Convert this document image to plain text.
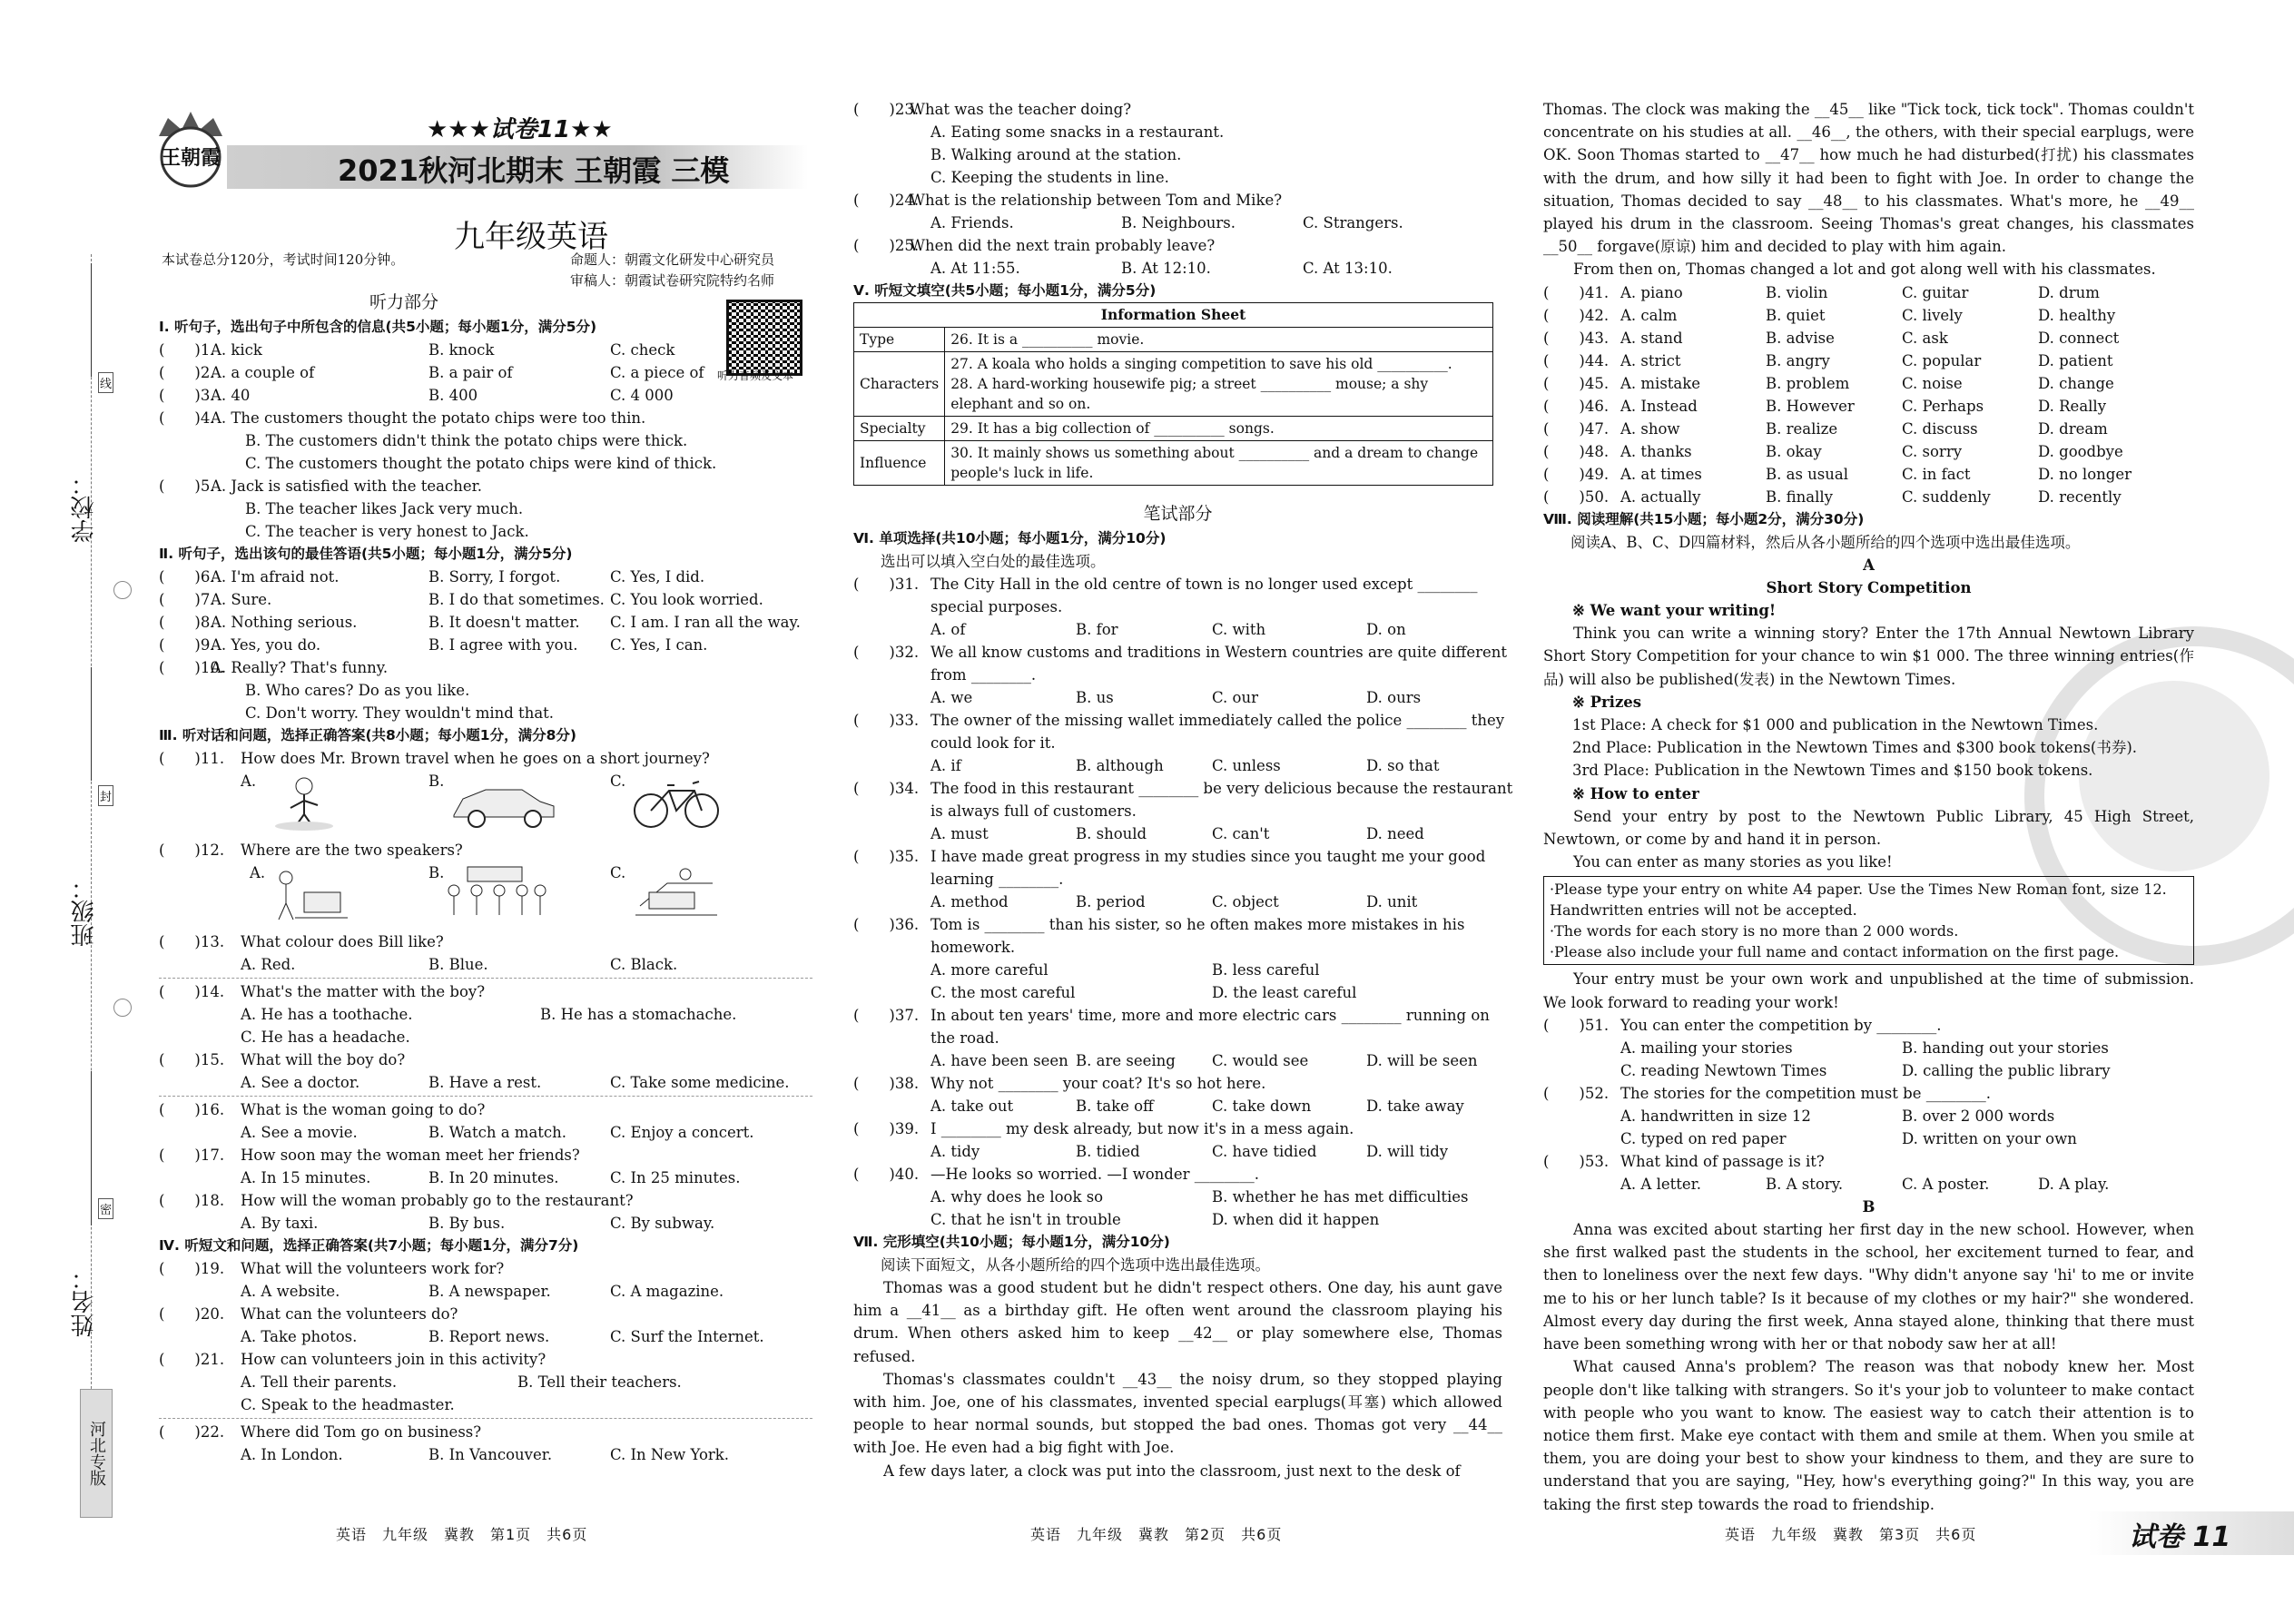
学校：
班级：
姓名：
线
封
密
河北专版
王朝霞
★★★试卷11★★
2021秋河北期末 王朝霞 三模
九年级英语
本试卷总分120分，考试时间120分钟。	命题人：朝霞文化研发中心研究员
审稿人：朝霞试卷研究院特约名师
听力音频及文本
听力部分
Ⅰ. 听句子，选出句子中所包含的信息(共5小题；每小题1分，满分5分)
(　　)1.
A. kick	B. knock	C. check
(　　)2.
A. a couple of	B. a pair of	C. a piece of
(　　)3.
A. 40	B. 400	C. 4 000
(　　)4.
A. The customers thought the potato chips were too thin.
B. The customers didn't think the potato chips were thick.
C. The customers thought the potato chips were kind of thick.
(　　)5.
A. Jack is satisfied with the teacher.
B. The teacher likes Jack very much.
C. The teacher is very honest to Jack.
Ⅱ. 听句子，选出该句的最佳答语(共5小题；每小题1分，满分5分)
(　　)6.
A. I'm afraid not.	B. Sorry, I forgot.	C. Yes, I did.
(　　)7.
A. Sure.	B. I do that sometimes. C. You look worried.
(　　)8.
A. Nothing serious.	B. It doesn't matter. C. I am. I ran all the way.
(　　)9.
A. Yes, you do.	B. I agree with you. C. Yes, I can.
(　　)10.
A. Really? That's funny.
B. Who cares? Do as you like.
C. Don't worry. They wouldn't mind that.
Ⅲ. 听对话和问题，选择正确答案(共8小题；每小题1分，满分8分)
(　　)11. How does Mr. Brown travel when he goes on a short journey?
A.	B.	C.
(　　)12. Where are the two speakers?
A.	B.	C.
(　　)13. What colour does Bill like?
A. Red.	B. Blue.	C. Black.
(　　)14. What's the matter with the boy?
A. He has a toothache.	B. He has a stomachache.
C. He has a headache.
(　　)15. What will the boy do?
A. See a doctor.	B. Have a rest.	C. Take some medicine.
(　　)16. What is the woman going to do?
A. See a movie.	B. Watch a match.	C. Enjoy a concert.
(　　)17. How soon may the woman meet her friends?
A. In 15 minutes.	B. In 20 minutes.	C. In 25 minutes.
(　　)18. How will the woman probably go to the restaurant?
A. By taxi.	B. By bus.	C. By subway.
Ⅳ. 听短文和问题，选择正确答案(共7小题；每小题1分，满分7分)
(　　)19. What will the volunteers work for?
A. A website.	B. A newspaper.	C. A magazine.
(　　)20. What can the volunteers do?
A. Take photos.	B. Report news.	C. Surf the Internet.
(　　)21. How can volunteers join in this activity?
A. Tell their parents.	B. Tell their teachers.
C. Speak to the headmaster.
(　　)22. Where did Tom go on business?
A. In London.	B. In Vancouver.	C. In New York.
(　　)23.
What was the teacher doing?
A. Eating some snacks in a restaurant.
B. Walking around at the station.
C. Keeping the students in line.
(　　)24.
What is the relationship between Tom and Mike?
A. Friends.	B. Neighbours.	C. Strangers.
(　　)25.
When did the next train probably leave?
A. At 11:55.	B. At 12:10.	C. At 13:10.
Ⅴ. 听短文填空(共5小题；每小题1分，满分5分)
Information Sheet	
Type	26. It is a __________ movie.
Characters	27. A koala who holds a singing competition to save his old __________.
28. A hard-working housewife pig; a street __________ mouse; a shy elephant and so on.

Specialty	29. It has a big collection of __________ songs.
Influence	30. It mainly shows us something about __________ and a dream to change people's luck in life.
笔试部分
Ⅵ. 单项选择(共10小题；每小题1分，满分10分)
选出可以填入空白处的最佳选项。
(　　)31. The City Hall in the old centre of town is no longer used except ________
special purposes.
A. of	B. for	C. with	D. on
(　　)32. We all know customs and traditions in Western countries are quite different
from ________.
A. we	B. us	C. our	D. ours
(　　)33. The owner of the missing wallet immediately called the police ________ they
could look for it.
A. if	B. although	C. unless	D. so that
(　　)34. The food in this restaurant ________ be very delicious because the restaurant
is always full of customers.
A. must	B. should	C. can't	D. need
(　　)35. I have made great progress in my studies since you taught me your good
learning ________.
A. method	B. period	C. object	D. unit
(　　)36. Tom is ________ than his sister, so he often makes more mistakes in his
homework.
A. more careful	B. less careful
C. the most careful	D. the least careful
(　　)37. In about ten years' time, more and more electric cars ________ running on
the road.
A. have been seen B. are seeing C. would see	D. will be seen
(　　)38. Why not ________ your coat? It's so hot here.
A. take out	B. take off	C. take down	D. take away
(　　)39. I ________ my desk already, but now it's in a mess again.
A. tidy	B. tidied	C. have tidied	D. will tidy
(　　)40. —He looks so worried. —I wonder ________.
A. why does he look so	B. whether he has met difficulties
C. that he isn't in trouble	D. when did it happen
Ⅶ. 完形填空(共10小题；每小题1分，满分10分)
阅读下面短文，从各小题所给的四个选项中选出最佳选项。
Thomas was a good student but he didn't respect others. One day, his aunt gave him a __41__ as a birthday gift. He often went around the classroom playing his drum. When others asked him to keep __42__ or play somewhere else, Thomas refused.
Thomas's classmates couldn't __43__ the noisy drum, so they stopped playing with him. Joe, one of his classmates, invented special earplugs(耳塞) which allowed people to hear normal sounds, but stopped the bad ones. Thomas got very __44__ with Joe. He even had a big fight with Joe.
A few days later, a clock was put into the classroom, just next to the desk of
Thomas. The clock was making the __45__ like "Tick tock, tick tock". Thomas couldn't concentrate on his studies at all. __46__, the others, with their special earplugs, were OK. Soon Thomas started to __47__ how much he had disturbed(打扰) his classmates with the drum, and how silly it had been to fight with Joe. In order to change the situation, Thomas decided to say __48__ to his classmates. What's more, he __49__ played his drum in the classroom. Seeing Thomas's great changes, his classmates __50__ forgave(原谅) him and decided to play with him again.
From then on, Thomas changed a lot and got along well with his classmates.
(　　)41. A. piano	B. violin	C. guitar	D. drum
(　　)42. A. calm	B. quiet	C. lively	D. healthy
(　　)43. A. stand	B. advise	C. ask	D. connect
(　　)44. A. strict	B. angry	C. popular	D. patient
(　　)45. A. mistake	B. problem	C. noise	D. change
(　　)46. A. Instead	B. However	C. Perhaps	D. Really
(　　)47. A. show	B. realize	C. discuss	D. dream
(　　)48. A. thanks	B. okay	C. sorry	D. goodbye
(　　)49. A. at times	B. as usual	C. in fact	D. no longer
(　　)50. A. actually	B. finally	C. suddenly	D. recently
Ⅷ. 阅读理解(共15小题；每小题2分，满分30分)
阅读A、B、C、D四篇材料，然后从各小题所给的四个选项中选出最佳选项。
A
Short Story Competition
※ We want your writing!
Think you can write a winning story? Enter the 17th Annual Newtown Library Short Story Competition for your chance to win $1 000. The three winning entries(作品) will also be published(发表) in the Newtown Times.
※ Prizes
1st Place: A check for $1 000 and publication in the Newtown Times.
2nd Place: Publication in the Newtown Times and $300 book tokens(书券).
3rd Place: Publication in the Newtown Times and $150 book tokens.
※ How to enter
Send your entry by post to the Newtown Public Library, 45 High Street, Newtown, or come by and hand it in person.
You can enter as many stories as you like!
·Please type your entry on white A4 paper. Use the Times New Roman font, size 12. Handwritten entries will not be accepted.
·The words for each story is no more than 2 000 words.
·Please also include your full name and contact information on the first page.
Your entry must be your own work and unpublished at the time of submission. We look forward to reading your work!
(　　)51. You can enter the competition by ________.
A. mailing your stories	B. handing out your stories
C. reading Newtown Times	D. calling the public library
(　　)52. The stories for the competition must be ________.
A. handwritten in size 12	B. over 2 000 words
C. typed on red paper	D. written on your own
(　　)53. What kind of passage is it?
A. A letter.	B. A story.	C. A poster.	D. A play.
B
Anna was excited about starting her first day in the new school. However, when she first walked past the students in the school, her excitement turned to fear, and then to loneliness over the next few days. "Why didn't anyone say 'hi' to me or invite me to his or her lunch table? Is it because of my clothes or my hair?" she wondered. Almost every day during the first week, Anna stayed alone, thinking that there must have been something wrong with her or that nobody saw her at all!
What caused Anna's problem? The reason was that nobody knew her. Most people don't like talking with strangers. So it's your job to volunteer to make contact with people who you want to know. The easiest way to catch their attention is to notice them first. Make eye contact with them and smile at them. When you smile at them, you are doing your best to show your kindness to them, and they are sure to understand that you are saying, "Hey, how's everything going?" In this way, you are taking the first step towards the road to friendship.
英语　九年级　冀教　第1页　共6页	英语　九年级　冀教　第2页　共6页	英语　九年级　冀教　第3页　共6页	试卷 11
